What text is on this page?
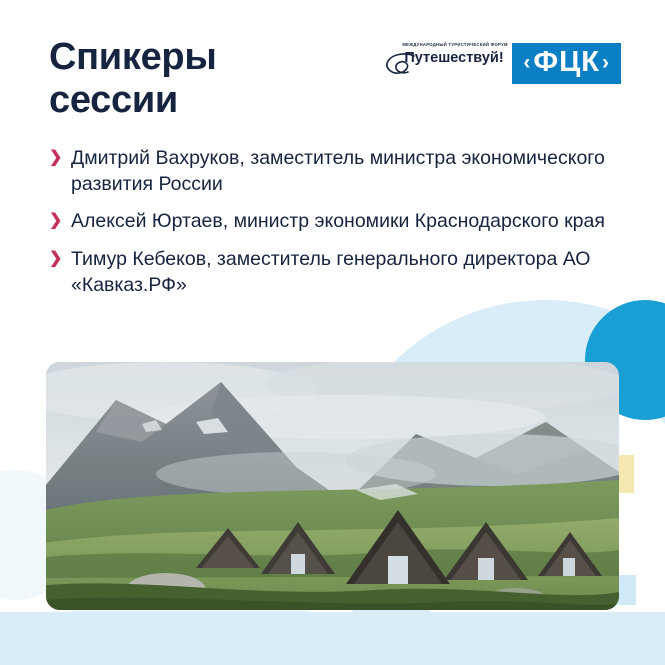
Спикеры
сессии
МЕЖДУНАРОДНЫЙ ТУРИСТИЧЕСКИЙ ФОРУМ
Путешествуй! ‹ ФЦК ›
❯ Дмитрий Вахруков, заместитель министра экономического развития России
❯ Алексей Юртаев, министр экономики Краснодарского края
❯ Тимур Кебеков, заместитель генерального директора АО «Кавказ.РФ»
